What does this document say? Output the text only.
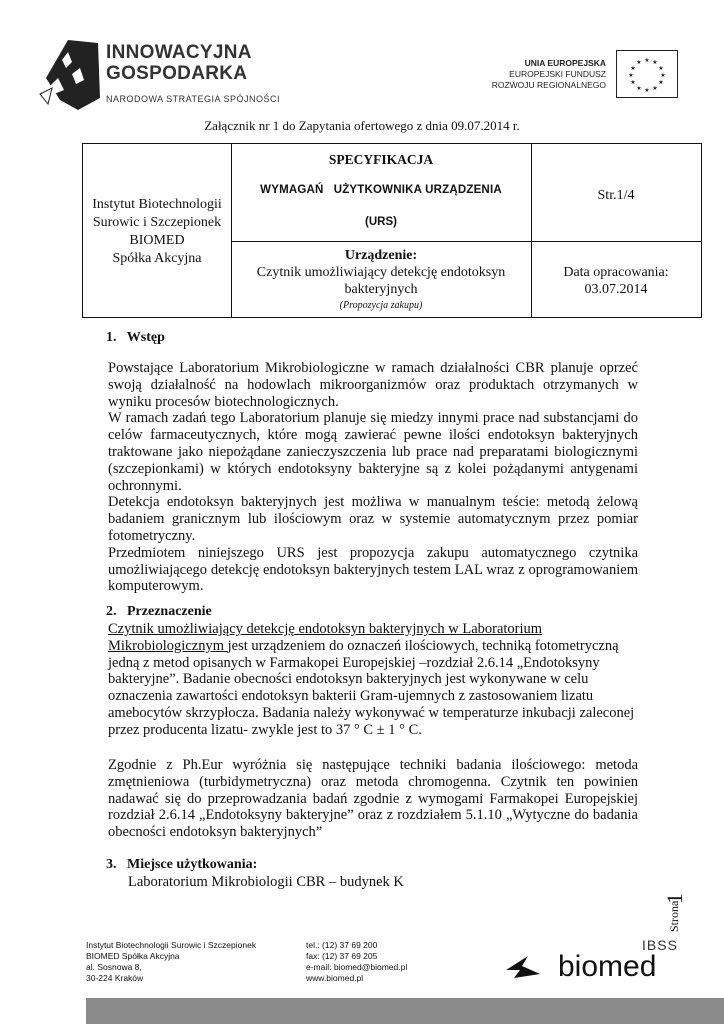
INNOWACYJNA
GOSPODARKA
NARODOWA STRATEGIA SPÓJNOŚCI
UNIA EUROPEJSKA
EUROPEJSKI FUNDUSZ
ROZWOJU REGIONALNEGO
★ ★
★
★
★
★
★
★
★
★
★
★
Załącznik nr 1 do Zapytania ofertowego z dnia 09.07.2014 r.
Instytut Biotechnologii
Surowic i Szczepionek
BIOMED
Spółka Akcyjna
SPECYFIKACJA
WYMAGAŃ   UŻYTKOWNIKA URZĄDZENIA
(URS)
Str.1/4
Urządzenie:
Czytnik umożliwiający detekcję endotoksyn
bakteryjnych
(Propozycja zakupu)
Data opracowania:
03.07.2014
1.   Wstęp
Powstające Laboratorium Mikrobiologiczne w ramach działalności CBR planuje oprzeć swoją działalność na hodowlach mikroorganizmów oraz produktach otrzymanych w wyniku procesów biotechnologicznych.
W ramach zadań tego Laboratorium planuje się miedzy innymi prace nad substancjami do celów farmaceutycznych, które mogą zawierać pewne ilości endotoksyn bakteryjnych traktowane jako niepożądane zanieczyszczenia lub prace nad preparatami biologicznymi (szczepionkami) w których endotoksyny bakteryjne są z kolei pożądanymi antygenami ochronnymi.
Detekcja endotoksyn bakteryjnych jest możliwa w manualnym teście: metodą żelową badaniem granicznym lub ilościowym oraz w systemie automatycznym przez pomiar fotometryczny.
Przedmiotem niniejszego URS jest propozycja zakupu automatycznego czytnika umożliwiającego detekcję endotoksyn bakteryjnych testem LAL wraz z oprogramowaniem komputerowym.
2.   Przeznaczenie
Czytnik umożliwiający detekcję endotoksyn bakteryjnych w Laboratorium Mikrobiologicznym jest urządzeniem do oznaczeń ilościowych, techniką fotometryczną jedną z metod opisanych w Farmakopei Europejskiej –rozdział 2.6.14 „Endotoksyny bakteryjne”. Badanie obecności endotoksyn bakteryjnych jest wykonywane w celu oznaczenia zawartości endotoksyn bakterii Gram-ujemnych z zastosowaniem lizatu amebocytów skrzypłocza. Badania należy wykonywać w temperaturze inkubacji zaleconej przez producenta lizatu- zwykle jest to 37 ° C ± 1 ° C.
Zgodnie z Ph.Eur wyróżnia się następujące techniki badania ilościowego: metoda zmętnieniowa (turbidymetryczna) oraz metoda chromogenna. Czytnik ten powinien nadawać się do przeprowadzania badań zgodnie z wymogami Farmakopei Europejskiej rozdział 2.6.14 „Endotoksyny bakteryjne” oraz z rozdziałem 5.1.10 „Wytyczne do badania obecności endotoksyn bakteryjnych”
3.   Miejsce użytkowania:
Laboratorium Mikrobiologii CBR – budynek K
Strona
1
Instytut Biotechnologii Surowic i Szczepionek
BIOMED Spółka Akcyjna
al. Sosnowa 8,
30-224 Kraków
tel.: (12) 37 69 200
fax: (12) 37 69 205
e-mail: biomed@biomed.pl
www.biomed.pl
IBSS
biomed
